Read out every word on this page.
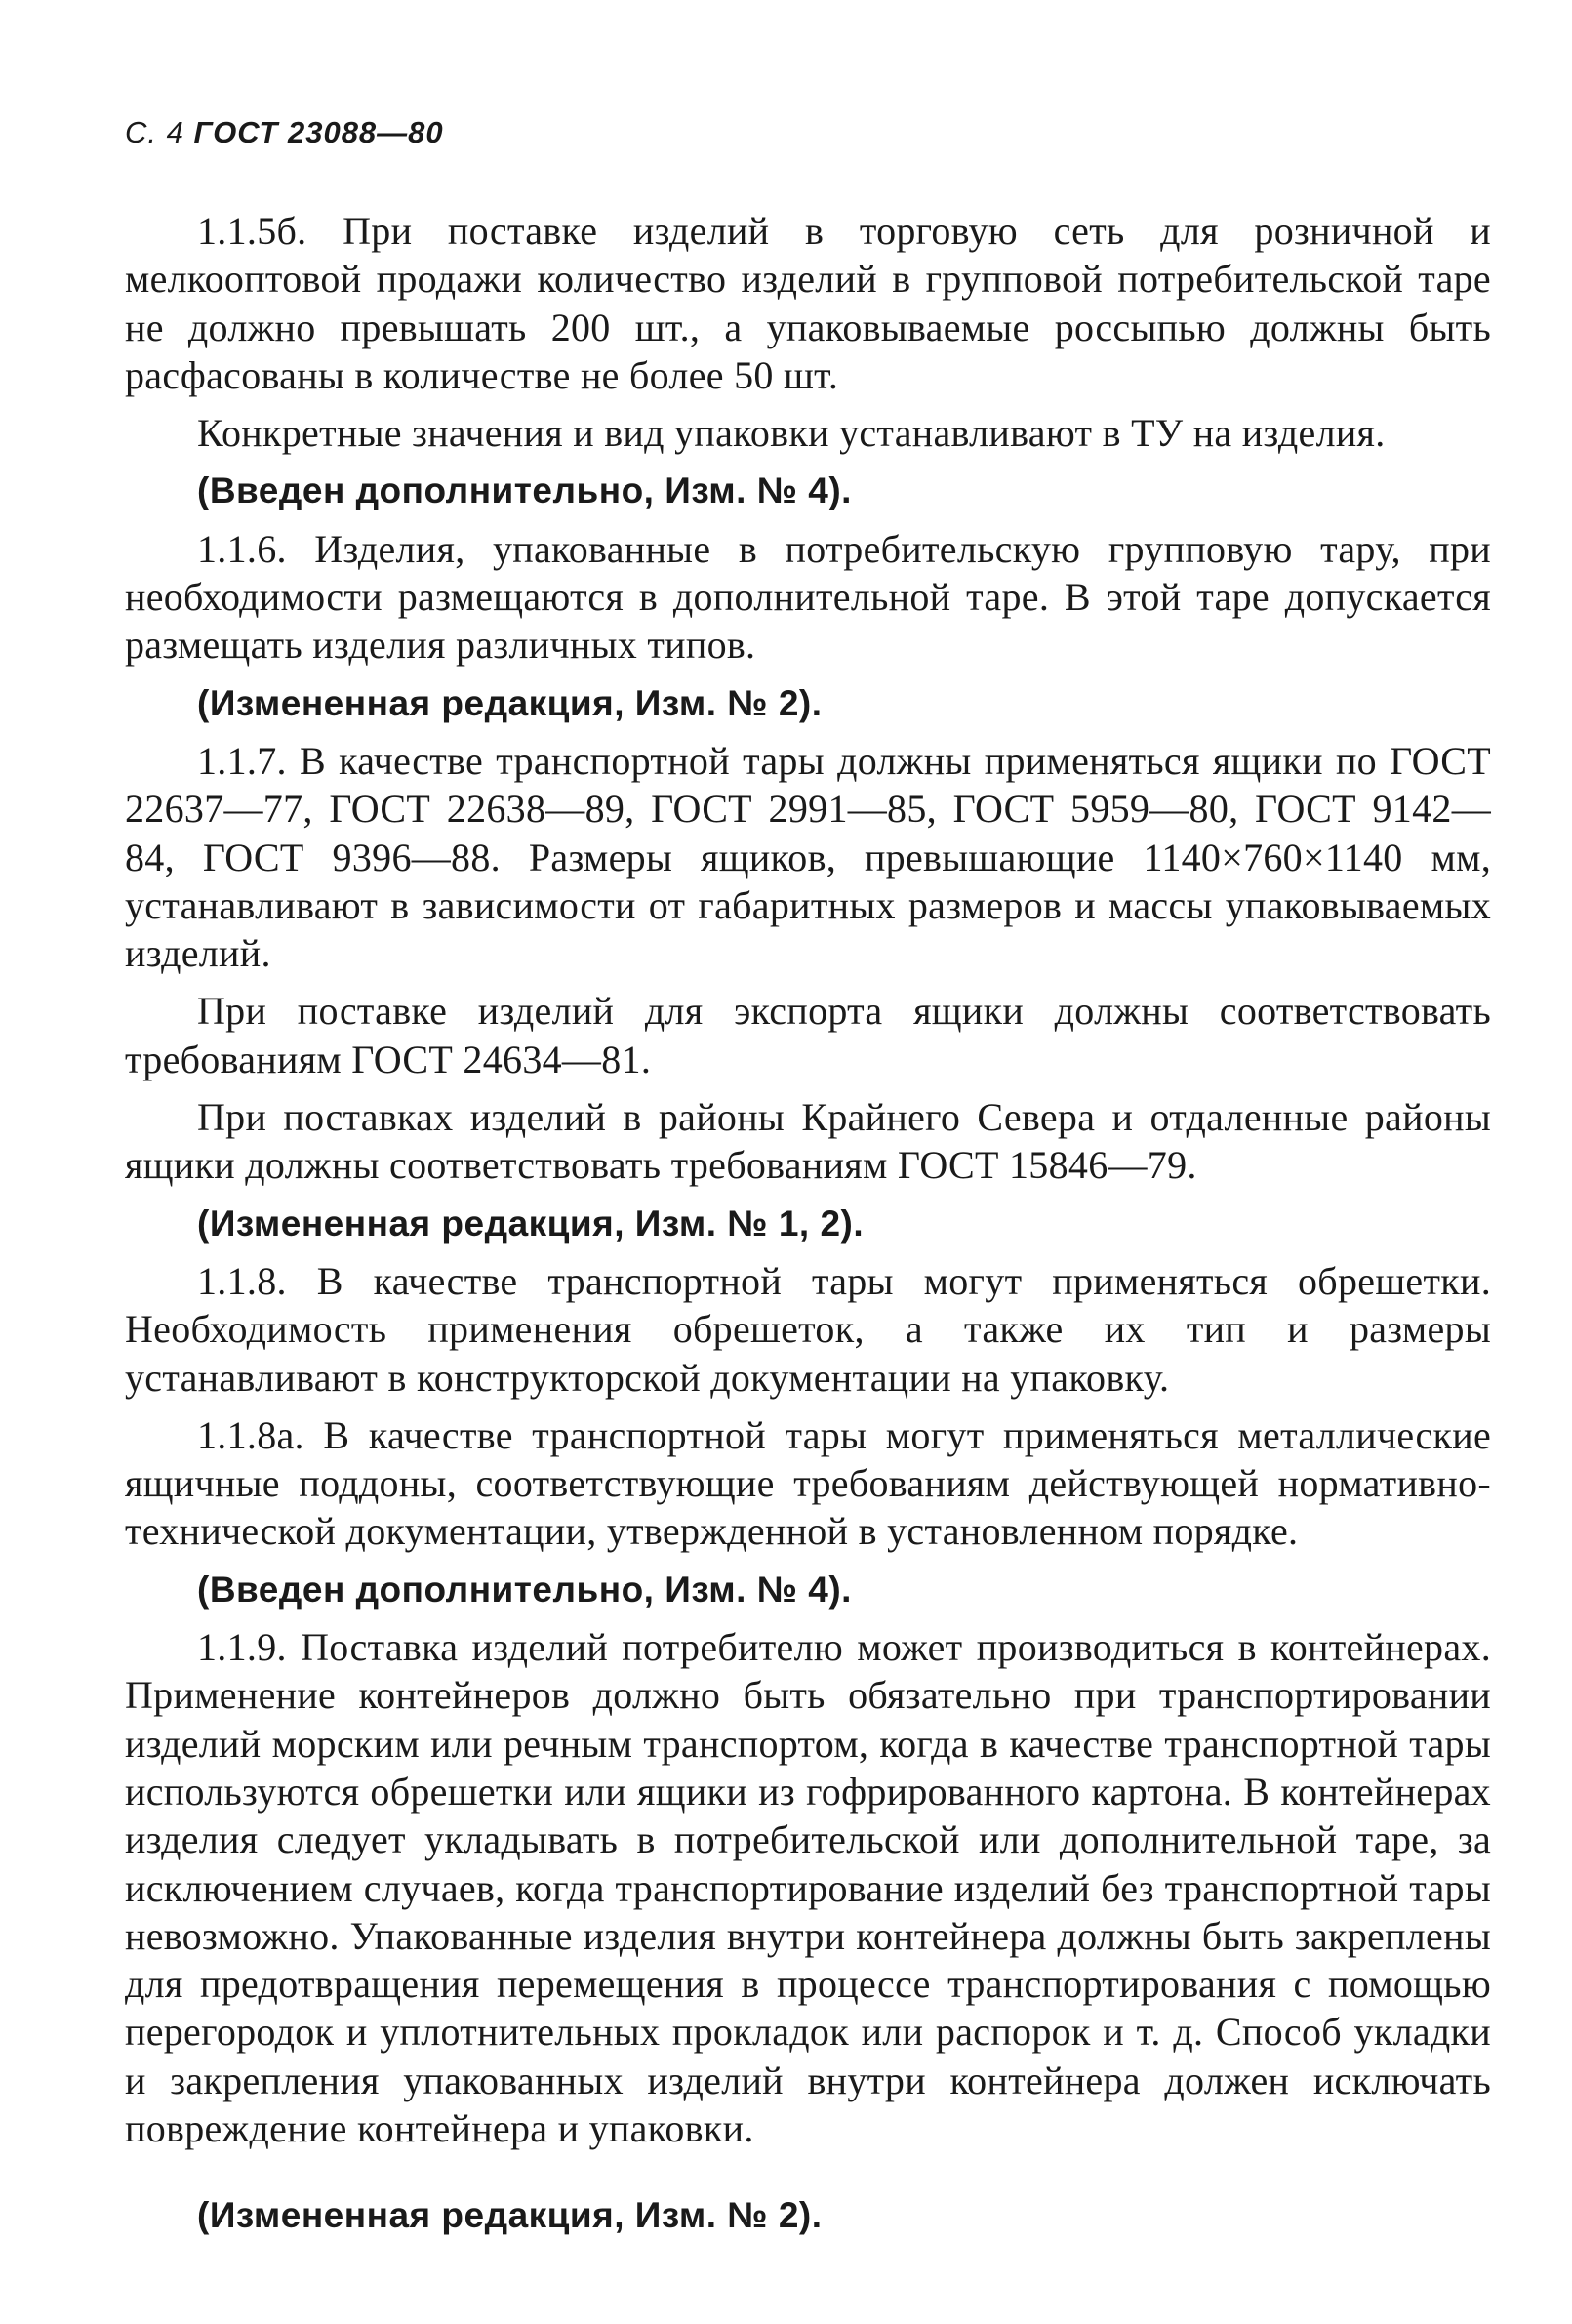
С. 4 ГОСТ 23088—80

1.1.5б. При поставке изделий в торговую сеть для розничной и мелкооптовой продажи количество изделий в групповой потребительской таре не должно превышать 200 шт., а упаковываемые россыпью должны быть расфасованы в количестве не более 50 шт.

Конкретные значения и вид упаковки устанавливают в ТУ на изделия.

(Введен дополнительно, Изм. № 4).

1.1.6. Изделия, упакованные в потребительскую групповую тару, при необходимости размещаются в дополнительной таре. В этой таре допускается размещать изделия различных типов.

(Измененная редакция, Изм. № 2).

1.1.7. В качестве транспортной тары должны применяться ящики по ГОСТ 22637—77, ГОСТ 22638—89, ГОСТ 2991—85, ГОСТ 5959—80, ГОСТ 9142—84, ГОСТ 9396—88. Размеры ящиков, превышающие 1140×760×1140 мм, устанавливают в зависимости от габаритных размеров и массы упаковываемых изделий.

При поставке изделий для экспорта ящики должны соответствовать требованиям ГОСТ 24634—81.

При поставках изделий в районы Крайнего Севера и отдаленные районы ящики должны соответствовать требованиям ГОСТ 15846—79.

(Измененная редакция, Изм. № 1, 2).

1.1.8. В качестве транспортной тары могут применяться обрешетки. Необходимость применения обрешеток, а также их тип и размеры устанавливают в конструкторской документации на упаковку.

1.1.8а. В качестве транспортной тары могут применяться металлические ящичные поддоны, соответствующие требованиям действующей нормативно-технической документации, утвержденной в установленном порядке.

(Введен дополнительно, Изм. № 4).

1.1.9. Поставка изделий потребителю может производиться в контейнерах. Применение контейнеров должно быть обязательно при транспортировании изделий морским или речным транспортом, когда в качестве транспортной тары используются обрешетки или ящики из гофрированного картона. В контейнерах изделия следует укладывать в потребительской или дополнительной таре, за исключением случаев, когда транспортирование изделий без транспортной тары невозможно. Упакованные изделия внутри контейнера должны быть закреплены для предотвращения перемещения в процессе транспортирования с помощью перегородок и уплотнительных прокладок или распорок и т. д. Способ укладки и закрепления упакованных изделий внутри контейнера должен исключать повреждение контейнера и упаковки.

(Измененная редакция, Изм. № 2).
